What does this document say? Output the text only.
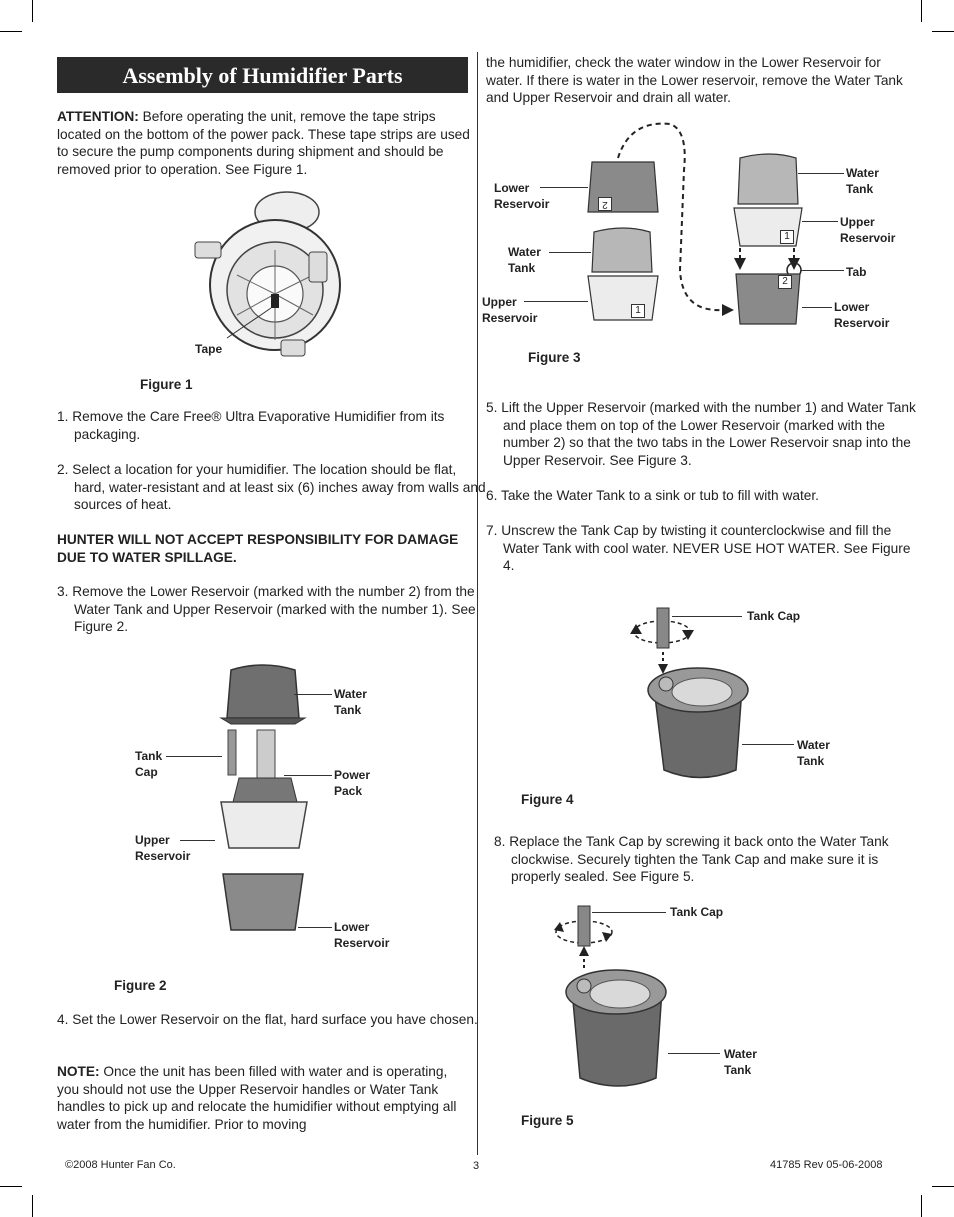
Assembly of Humidifier Parts

ATTENTION: Before operating the unit, remove the tape strips located on the bottom of the power pack. These tape strips are used to secure the pump components during shipment and should be removed prior to operation. See Figure 1.

Tape
Figure 1

1. Remove the Care Free® Ultra Evaporative Humidifier from its packaging.

2. Select a location for your humidifier. The location should be flat, hard, water-resistant and at least six (6) inches away from walls and sources of heat.

HUNTER WILL NOT ACCEPT RESPONSIBILITY FOR DAMAGE DUE TO WATER SPILLAGE.

3. Remove the Lower Reservoir (marked with the number 2) from the Water Tank and Upper Reservoir (marked with the number 1). See Figure 2.

Water
Tank
Tank
Cap	Power
Pack
Upper
Reservoir
Lower
Reservoir
Figure 2

4. Set the Lower Reservoir on the flat, hard surface you have chosen.

NOTE: Once the unit has been filled with water and is operating, you should not use the Upper Reservoir handles or Water Tank handles to pick up and relocate the humidifier without emptying all water from the humidifier. Prior to moving

the humidifier, check the water window in the Lower Reservoir for water. If there is water in the Lower reservoir, remove the Water Tank and Upper Reservoir and drain all water.

2
1
1
2
Lower
Reservoir
Water
Tank
Upper
Reservoir
Water
Tank
Upper
Reservoir
Tab
Lower
Reservoir
Figure 3

5. Lift the Upper Reservoir (marked with the number 1) and Water Tank and place them on top of the Lower Reservoir (marked with the number 2) so that the two tabs in the Lower Reservoir snap into the Upper Reservoir. See Figure 3.

6. Take the Water Tank to a sink or tub to fill with water.

7. Unscrew the Tank Cap by twisting it counterclockwise and fill the Water Tank with cool water. NEVER USE HOT WATER. See Figure 4.

Tank Cap
Water
Tank
Figure 4

8. Replace the Tank Cap by screwing it back onto the Water Tank clockwise. Securely tighten the Tank Cap and make sure it is properly sealed. See Figure 5.

Tank Cap
Water
Tank
Figure 5
©2008 Hunter Fan Co.	3	41785 Rev 05-06-2008
